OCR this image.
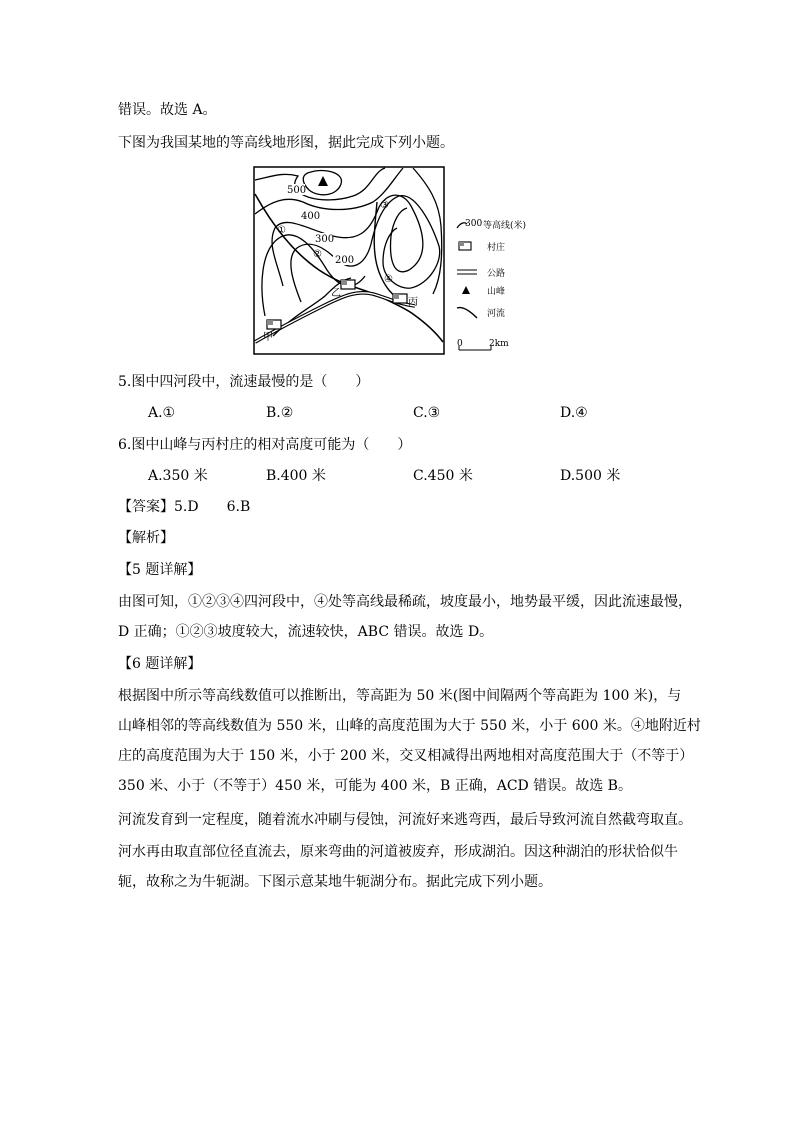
错误。故选 A。
下图为我国某地的等高线地形图，据此完成下列小题。
500
400
300
200
①
②
③
④
甲
乙
丙
300 等高线(米)
村庄
公路
山峰
河流
0	2km
5.图中四河段中，流速最慢的是（　　）
A.①	B.②	C.③	D.④
6.图中山峰与丙村庄的相对高度可能为（　　）
A.350 米	B.400 米	C.450 米	D.500 米
【答案】5.D　　6.B
【解析】
【5 题详解】
由图可知，①②③④四河段中，④处等高线最稀疏，坡度最小，地势最平缓，因此流速最慢，
D 正确；①②③坡度较大，流速较快，ABC 错误。故选 D。
【6 题详解】
根据图中所示等高线数值可以推断出，等高距为 50 米(图中间隔两个等高距为 100 米)，与
山峰相邻的等高线数值为 550 米，山峰的高度范围为大于 550 米，小于 600 米。④地附近村
庄的高度范围为大于 150 米，小于 200 米，交叉相减得出两地相对高度范围大于（不等于）
350 米、小于（不等于）450 米，可能为 400 米，B 正确，ACD 错误。故选 B。
河流发育到一定程度，随着流水冲刷与侵蚀，河流好来逃弯西，最后导致河流自然截弯取直。
河水再由取直部位径直流去，原来弯曲的河道被废弃，形成湖泊。因这种湖泊的形状恰似牛
轭，故称之为牛轭湖。下图示意某地牛轭湖分布。据此完成下列小题。
